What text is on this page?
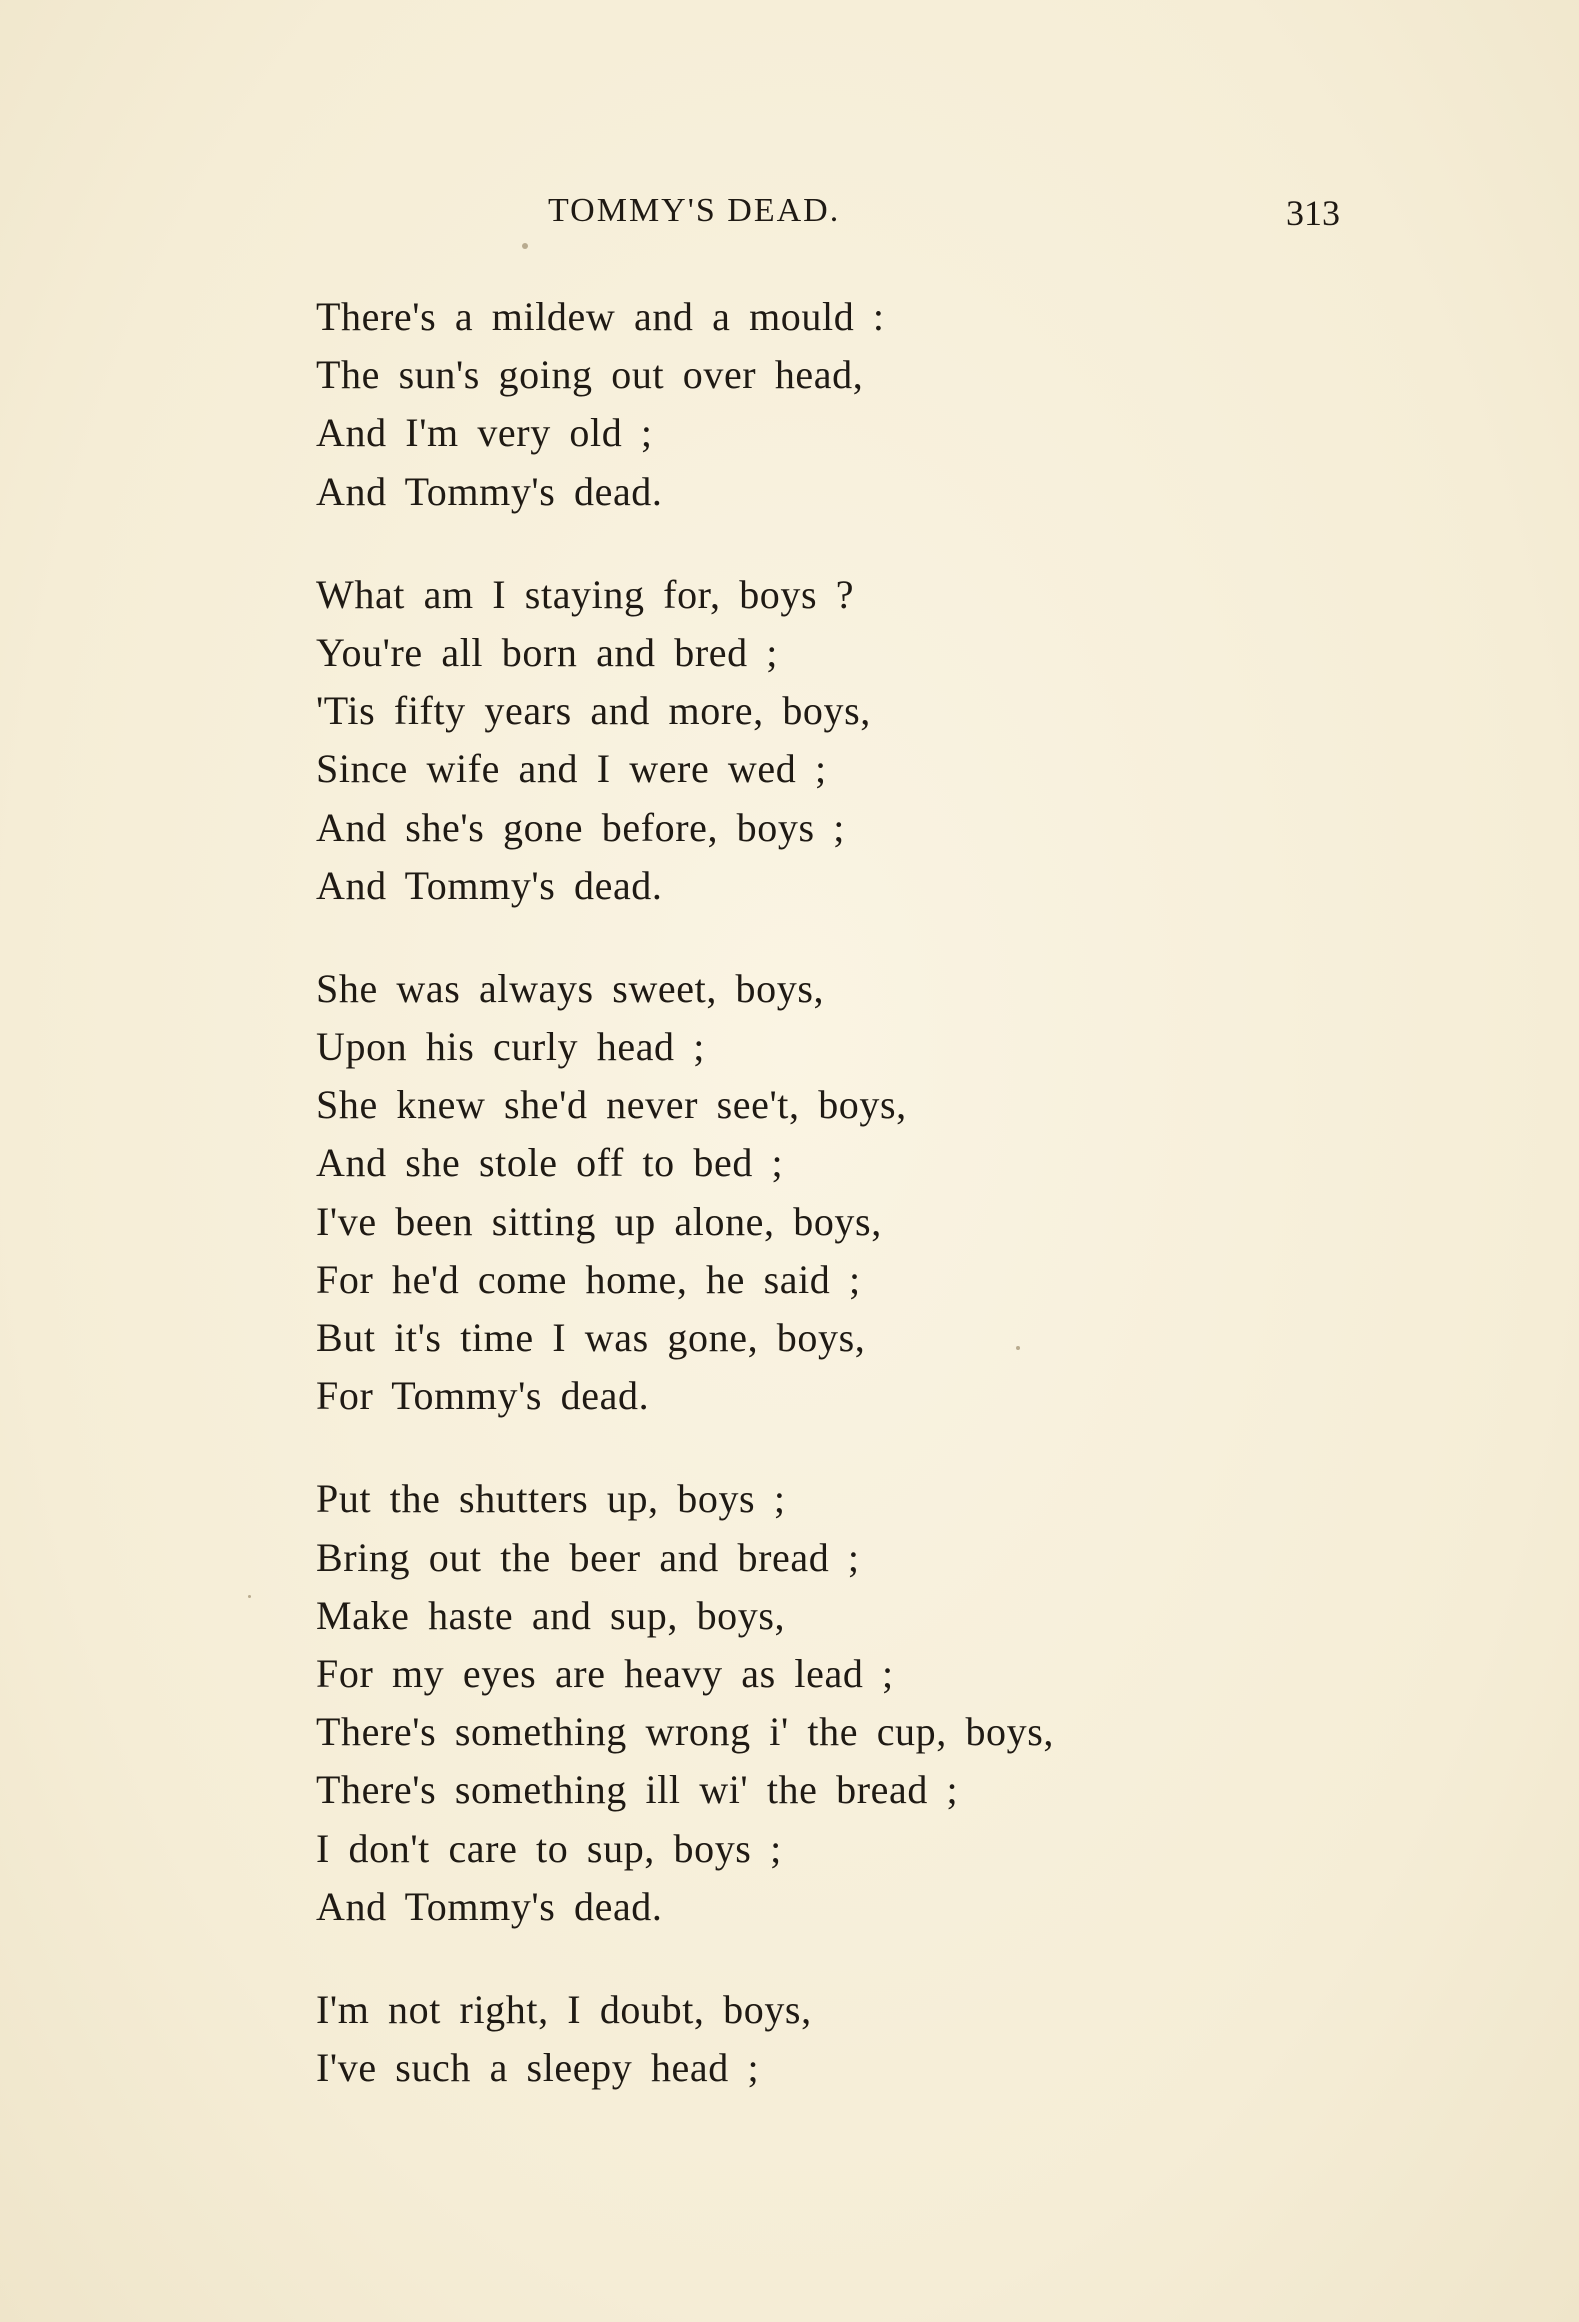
TOMMY'S DEAD.	313
There's a mildew and a mould :
The sun's going out over head,
And I'm very old ;
And Tommy's dead.
What am I staying for, boys ?
You're all born and bred ;
'Tis fifty years and more, boys,
Since wife and I were wed ;
And she's gone before, boys ;
And Tommy's dead.
She was always sweet, boys,
Upon his curly head ;
She knew she'd never see't, boys,
And she stole off to bed ;
I've been sitting up alone, boys,
For he'd come home, he said ;
But it's time I was gone, boys,
For Tommy's dead.
Put the shutters up, boys ;
Bring out the beer and bread ;
Make haste and sup, boys,
For my eyes are heavy as lead ;
There's something wrong i' the cup, boys,
There's something ill wi' the bread ;
I don't care to sup, boys ;
And Tommy's dead.
I'm not right, I doubt, boys,
I've such a sleepy head ;
